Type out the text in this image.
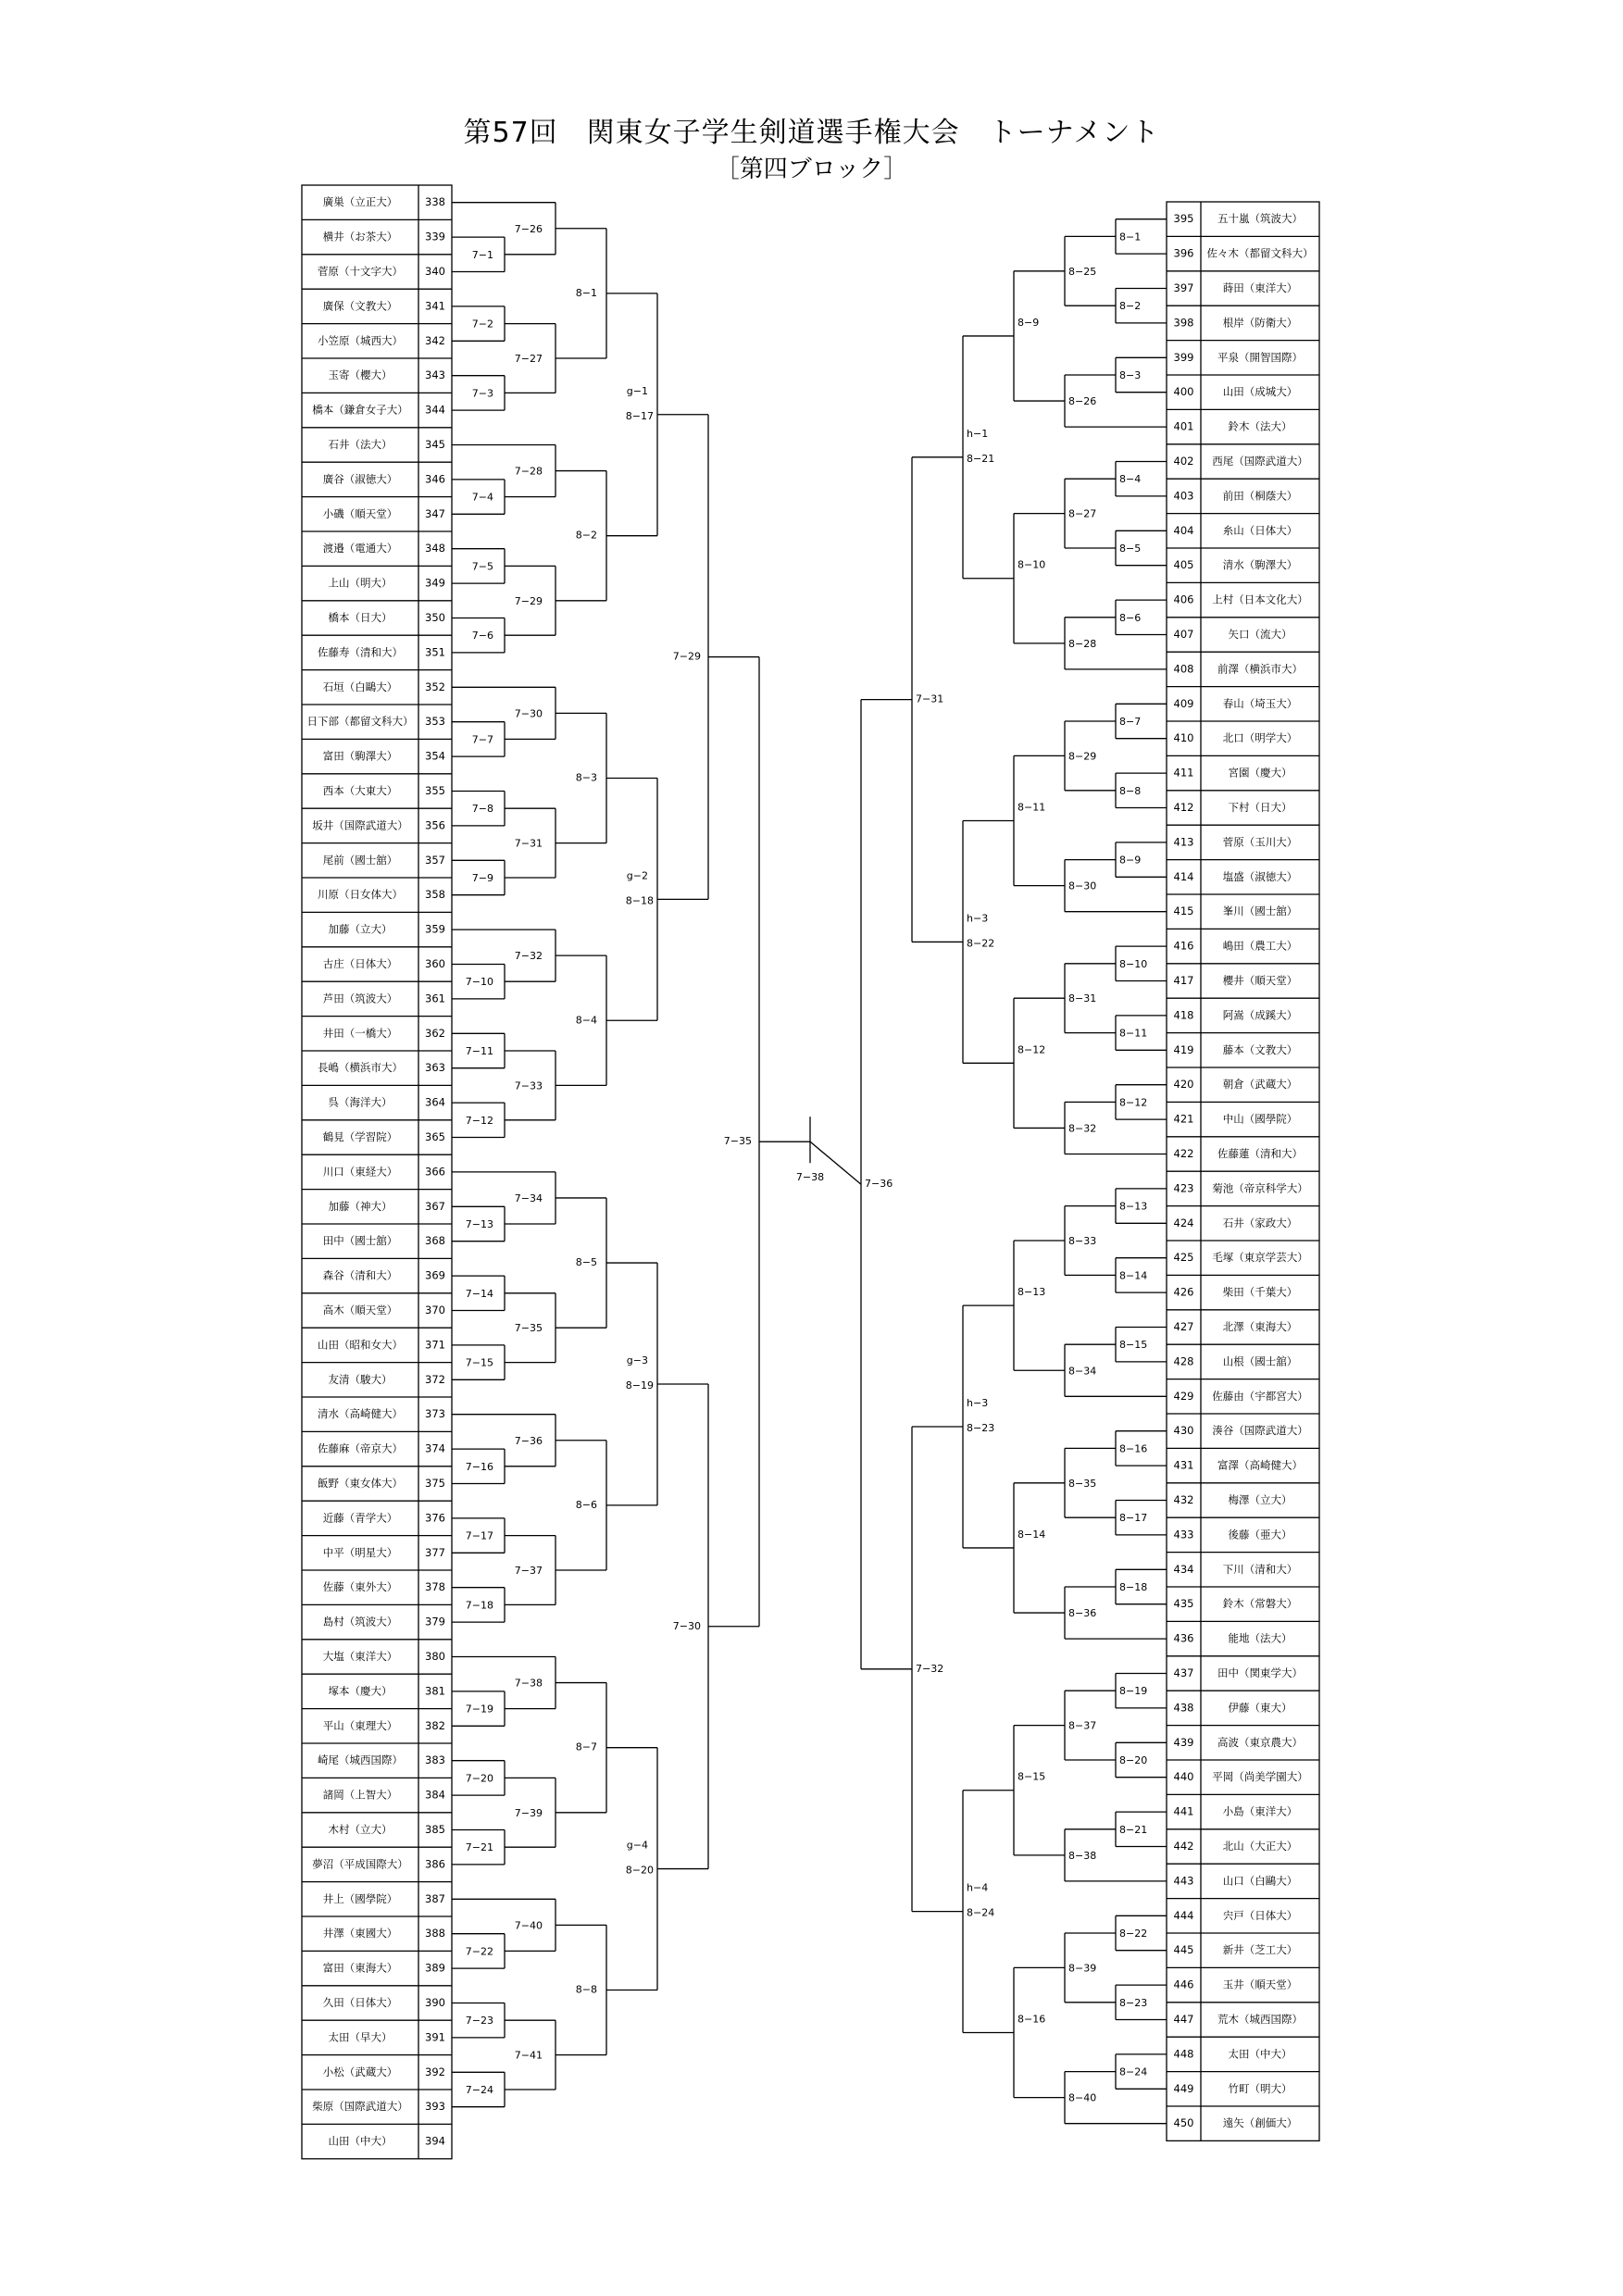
第57回　関東女子学生剣道選手権大会　トーナメント
［第四ブロック］
廣巣（立正大）	338
横井（お茶大）	339
菅原（十文字大） 340
廣保（文教大）	341
小笠原（城西大） 342
玉寄（櫻大）	343
橋本（鎌倉女子大） 344
石井（法大）	345
廣谷（淑徳大）	346
小磯（順天堂）	347
渡邉（電通大）	348
上山（明大）	349
橋本（日大）	350
佐藤寿（清和大） 351
石垣（白鷗大）	352
日下部（都留文科大） 353
富田（駒澤大）	354
西本（大東大）	355
坂井（国際武道大） 356
尾前（國士舘）	357
川原（日女体大） 358
加藤（立大）	359
古庄（日体大）	360
芦田（筑波大）	361
井田（一橋大）	362
長嶋（横浜市大） 363
呉（海洋大）	364
鶴見（学習院）	365
川口（東経大）	366
加藤（神大）	367
田中（國士舘）	368
森谷（清和大）	369
高木（順天堂）	370
山田（昭和女大） 371
友清（駿大）	372
清水（高崎健大） 373
佐藤麻（帝京大） 374
飯野（東女体大） 375
近藤（青学大）	376
中平（明星大）	377
佐藤（東外大）	378
島村（筑波大）	379
大塩（東洋大）	380
塚本（慶大）	381
平山（東理大）	382
崎尾（城西国際） 383
諸岡（上智大）	384
木村（立大）	385
夢沼（平成国際大） 386
井上（國學院）	387
井澤（東國大）	388
富田（東海大）	389
久田（日体大）	390
太田（早大）	391
小松（武蔵大）	392
柴原（国際武道大） 393
山田（中大）	394
395 五十嵐（筑波大）
396 佐々木（都留文科大）
397	蒔田（東洋大）
398	根岸（防衛大）
399 平泉（開智国際）
400	山田（成城大）
401	鈴木（法大）
402 西尾（国際武道大）
403	前田（桐蔭大）
404	糸山（日体大）
405	清水（駒澤大）
406 上村（日本文化大）
407	矢口（流大）
408 前澤（横浜市大）
409	春山（埼玉大）
410	北口（明学大）
411	宮園（慶大）
412	下村（日大）
413	菅原（玉川大）
414	塩盛（淑徳大）
415	峯川（國士舘）
416	嶋田（農工大）
417	櫻井（順天堂）
418	阿嵩（成蹊大）
419	藤本（文教大）
420	朝倉（武蔵大）
421	中山（國學院）
422 佐藤蓮（清和大）
423 菊池（帝京科学大）
424	石井（家政大）
425 毛塚（東京学芸大）
426	柴田（千葉大）
427	北澤（東海大）
428	山根（國士舘）
429 佐藤由（宇都宮大）
430 湊谷（国際武道大）
431 富澤（高崎健大）
432	梅澤（立大）
433	後藤（亜大）
434	下川（清和大）
435	鈴木（常磐大）
436	能地（法大）
437 田中（関東学大）
438	伊藤（東大）
439 高波（東京農大）
440 平岡（尚美学園大）
441	小島（東洋大）
442	北山（大正大）
443	山口（白鷗大）
444	宍戸（日体大）
445	新井（芝工大）
446	玉井（順天堂）
447 荒木（城西国際）
448	太田（中大）
449	竹町（明大）
450	遠矢（創価大）
7−1
7−2
7−3
7−26
7−27
8−1
7−4
7−5
7−6
7−28
7−29
8−2
g−1
8−17
7−7
7−8
7−9
7−30
7−31
8−3
7−10
7−11
7−12
7−32
7−33
8−4
g−2
8−18
7−13
7−14
7−15
7−34
7−35
8−5
7−16
7−17
7−18
7−36
7−37
8−6
g−3
8−19
7−19
7−20
7−21
7−38
7−39
8−7
7−22
7−23
7−24
7−40
7−41
8−8
g−4
8−20
7−29
7−30
7−35
8−1
8−2
8−3
8−25
8−26
8−9
8−4
8−5
8−6
8−27
8−28
8−10
h−1
8−21
8−7
8−8
8−9
8−29
8−30
8−11
8−10
8−11
8−12
8−31
8−32
8−12
h−3
8−22
8−13
8−14
8−15
8−33
8−34
8−13
8−16
8−17
8−18
8−35
8−36
8−14
h−3
8−23
8−19
8−20
8−21
8−37
8−38
8−15
8−22
8−23
8−24
8−39
8−40
8−16
h−4
8−24
7−31
7−32
7−36
7−38
